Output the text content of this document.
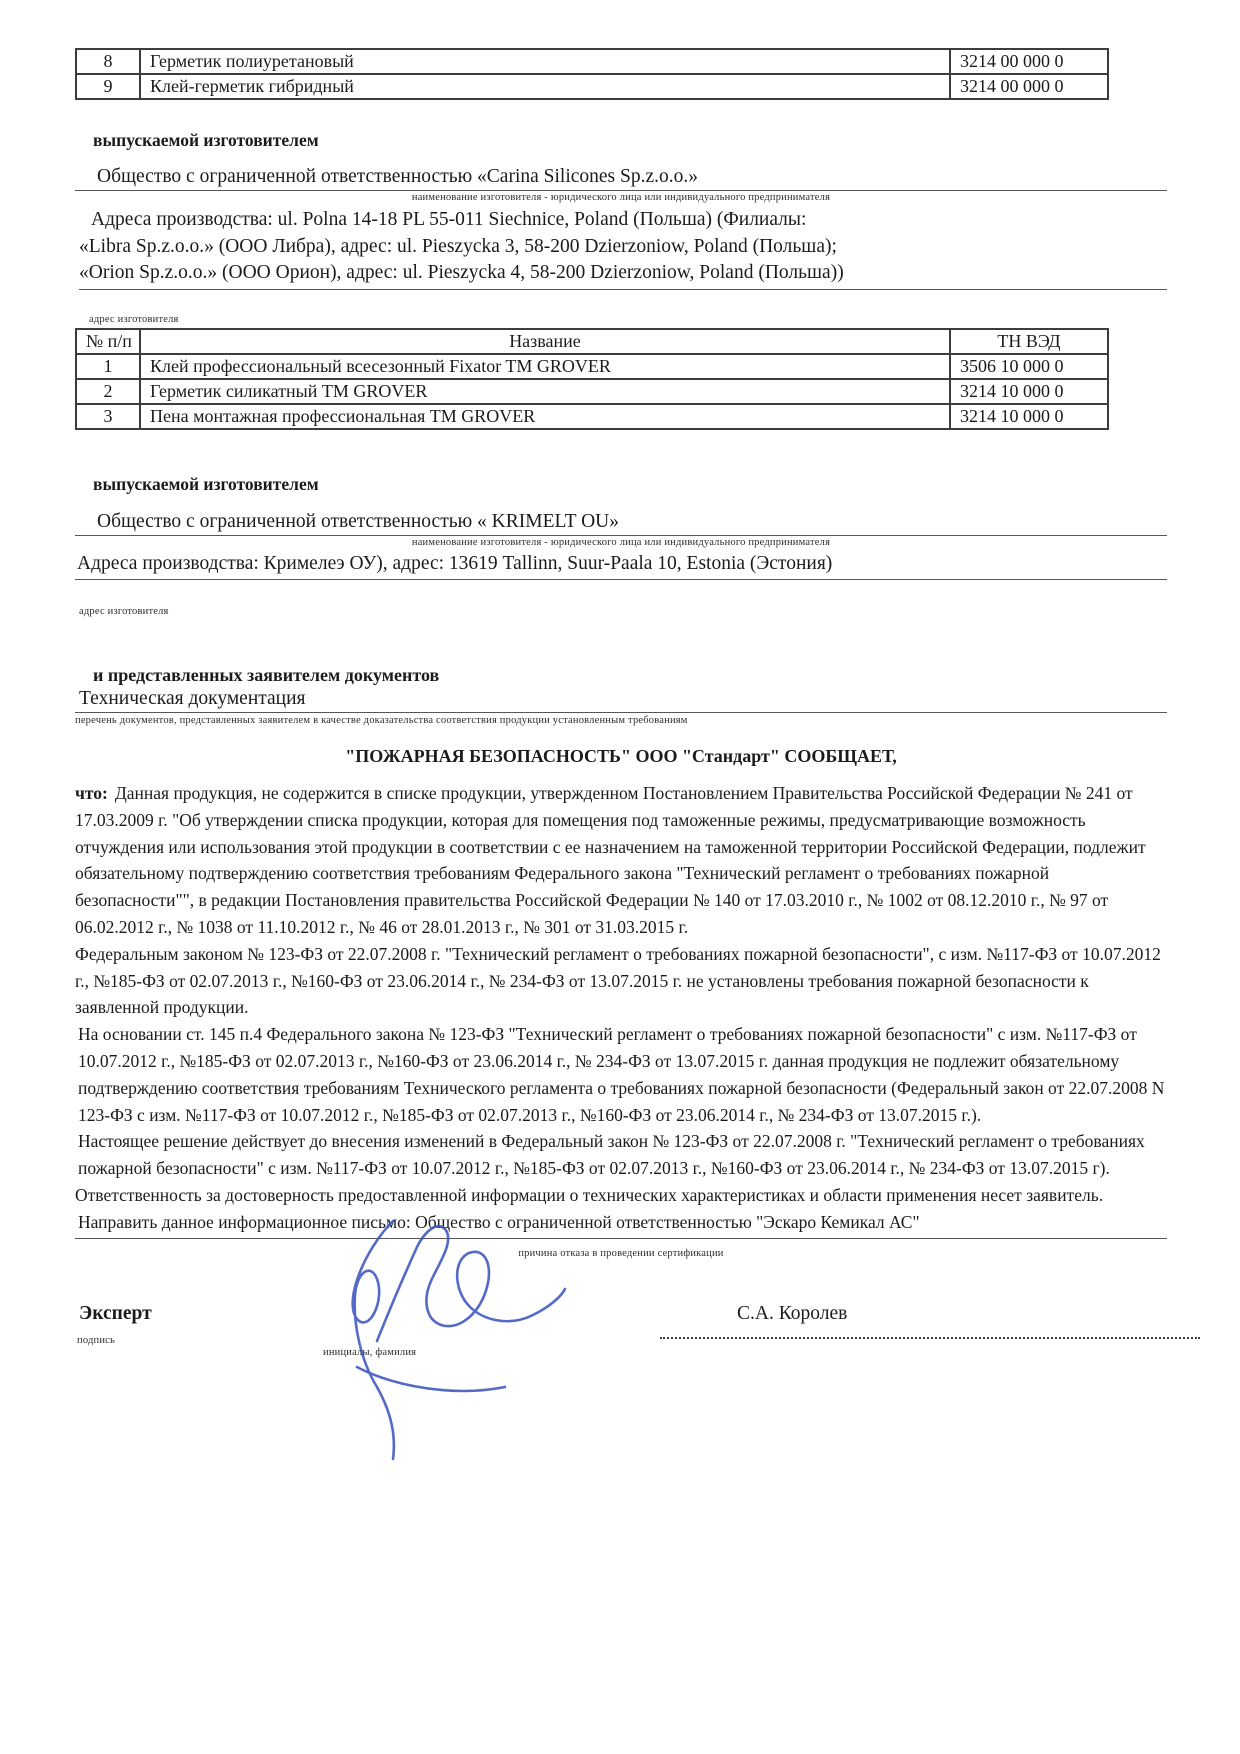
8	Герметик полиуретановый	3214 00 000 0
9	Клей-герметик гибридный	3214 00 000 0
выпускаемой изготовителем
Общество с ограниченной ответственностью «Carina Silicones Sp.z.o.o.»
наименование изготовителя - юридического лица или индивидуального предпринимателя
Адреса производства: ul. Polna 14-18 PL 55-011 Siechnice, Poland (Польша) (Филиалы:
«Libra Sp.z.o.o.» (ООО Либра), адрес: ul. Pieszycka 3, 58-200 Dzierzoniow, Poland (Польша);
«Orion Sp.z.o.o.» (ООО Орион), адрес: ul. Pieszycka 4, 58-200 Dzierzoniow, Poland (Польша))
адрес изготовителя
№ п/п	Название	ТН ВЭД
1	Клей профессиональный всесезонный Fixator TM GROVER	3506 10 000 0
2	Герметик силикатный TM GROVER	3214 10 000 0
3	Пена монтажная профессиональная TM GROVER	3214 10 000 0
выпускаемой изготовителем
Общество с ограниченной ответственностью « KRIMELT OU»
наименование изготовителя - юридического лица или индивидуального предпринимателя
Адреса производства: Кримелеэ ОУ), адрес: 13619 Tallinn, Suur-Paala 10, Estonia (Эстония)
адрес изготовителя
и представленных заявителем документов
Техническая документация
перечень документов, представленных заявителем в качестве доказательства соответствия продукции установленным требованиям
"ПОЖАРНАЯ БЕЗОПАСНОСТЬ" ООО "Стандарт" СООБЩАЕТ,
что: Данная продукция, не содержится в списке продукции, утвержденном Постановлением Правительства Российской Федерации № 241 от 17.03.2009 г. "Об утверждении списка продукции, которая для помещения под таможенные режимы, предусматривающие возможность отчуждения или использования этой продукции в соответствии с ее назначением на таможенной территории Российской Федерации, подлежит обязательному подтверждению соответствия требованиям Федерального закона "Технический регламент о требованиях пожарной безопасности"", в редакции Постановления правительства Российской Федерации № 140 от 17.03.2010 г., № 1002 от 08.12.2010 г., № 97 от 06.02.2012 г., № 1038 от 11.10.2012 г., № 46 от 28.01.2013 г., № 301 от 31.03.2015 г.
Федеральным законом № 123-ФЗ от 22.07.2008 г. "Технический регламент о требованиях пожарной безопасности", с изм. №117-ФЗ от 10.07.2012 г., №185-ФЗ от 02.07.2013 г., №160-ФЗ от 23.06.2014 г., № 234-ФЗ от 13.07.2015 г. не установлены требования пожарной безопасности к заявленной продукции.
На основании ст. 145 п.4 Федерального закона № 123-ФЗ "Технический регламент о требованиях пожарной безопасности" с изм. №117-ФЗ от 10.07.2012 г., №185-ФЗ от 02.07.2013 г., №160-ФЗ от 23.06.2014 г., № 234-ФЗ от 13.07.2015 г. данная продукция не подлежит обязательному подтверждению соответствия требованиям Технического регламента о требованиях пожарной безопасности (Федеральный закон от 22.07.2008 N 123-ФЗ с изм. №117-ФЗ от 10.07.2012 г., №185-ФЗ от 02.07.2013 г., №160-ФЗ от 23.06.2014 г., № 234-ФЗ от 13.07.2015 г.).
Настоящее решение действует до внесения изменений в Федеральный закон № 123-ФЗ от 22.07.2008 г. "Технический регламент о требованиях пожарной безопасности" с изм. №117-ФЗ от 10.07.2012 г., №185-ФЗ от 02.07.2013 г., №160-ФЗ от 23.06.2014 г., № 234-ФЗ от 13.07.2015 г).
Ответственность за достоверность предоставленной информации о технических характеристиках и области применения несет заявитель.
Направить данное информационное письмо: Общество с ограниченной ответственностью "Эскаро Кемикал АС"
причина отказа в проведении сертификации
Эксперт
подпись
инициалы, фамилия
С.А. Королев
